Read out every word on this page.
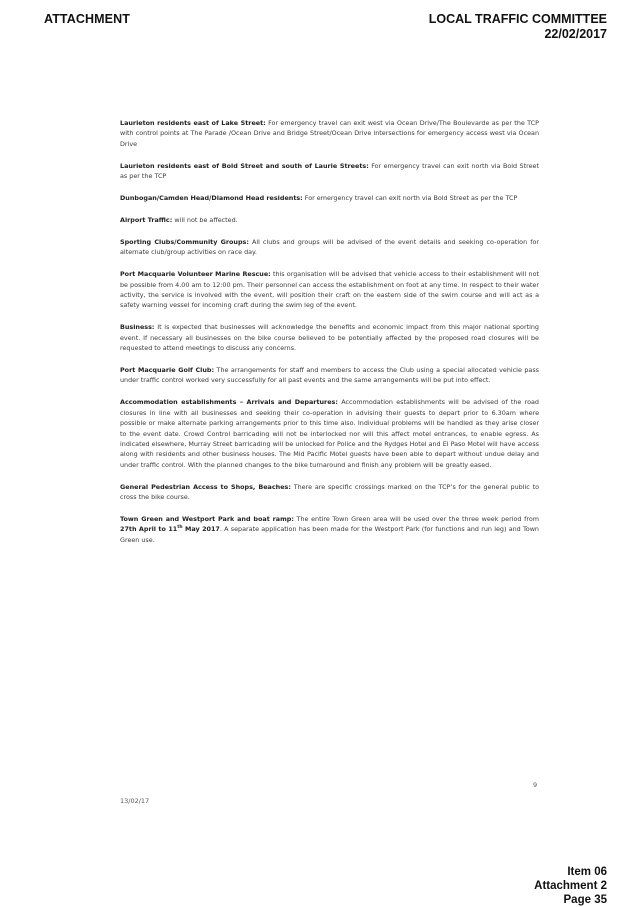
ATTACHMENT	LOCAL TRAFFIC COMMITTEE
22/02/2017

Laurieton residents east of Lake Street: For emergency travel can exit west via Ocean Drive/The Boulevarde as per the TCP with control points at The Parade /Ocean Drive and Bridge Street/Ocean Drive intersections for emergency access west via Ocean Drive

Laurieton residents east of Bold Street and south of Laurie Streets: For emergency travel can exit north via Bold Street as per the TCP

Dunbogan/Camden Head/Diamond Head residents: For emergency travel can exit north via Bold Street as per the TCP

Airport Traffic: will not be affected.

Sporting Clubs/Community Groups: All clubs and groups will be advised of the event details and seeking co-operation for alternate club/group activities on race day.

Port Macquarie Volunteer Marine Rescue: this organisation will be advised that vehicle access to their establishment will not be possible from 4.00 am to 12:00 pm. Their personnel can access the establishment on foot at any time. In respect to their water activity, the service is involved with the event, will position their craft on the eastern side of the swim course and will act as a safety warning vessel for incoming craft during the swim leg of the event.

Business: It is expected that businesses will acknowledge the benefits and economic impact from this major national sporting event. If necessary all businesses on the bike course believed to be potentially affected by the proposed road closures will be requested to attend meetings to discuss any concerns.

Port Macquarie Golf Club: The arrangements for staff and members to access the Club using a special allocated vehicle pass under traffic control worked very successfully for all past events and the same arrangements will be put into effect.

Accommodation establishments – Arrivals and Departures: Accommodation establishments will be advised of the road closures in line with all businesses and seeking their co-operation in advising their guests to depart prior to 6.30am where possible or make alternate parking arrangements prior to this time also. Individual problems will be handled as they arise closer to the event date. Crowd Control barricading will not be interlocked nor will this affect motel entrances, to enable egress. As indicated elsewhere, Murray Street barricading will be unlocked for Police and the Rydges Hotel and El Paso Motel will have access along with residents and other business houses. The Mid Pacific Motel guests have been able to depart without undue delay and under traffic control. With the planned changes to the bike turnaround and finish any problem will be greatly eased.

General Pedestrian Access to Shops, Beaches: There are specific crossings marked on the TCP’s for the general public to cross the bike course.

Town Green and Westport Park and boat ramp: The entire Town Green area will be used over the three week period from 27th April to 11th May 2017. A separate application has been made for the Westport Park (for functions and run leg) and Town Green use.

9
13/02/17
Item 06
Attachment 2
Page 35
